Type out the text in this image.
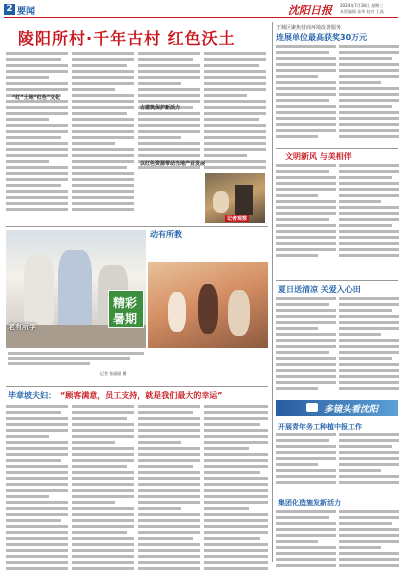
2 要闻	沈阳日报 2024年7月18日 星期三
本版编辑 张华 校对 王磊
陵阳所村·千年古村 红色沃土
“红”土地“红色”文化
古建筑保护新活力
以红色资源带动当地产业发展
记者观察
王城区聚焦营商环境改善服务
连展单位最高获奖30万元
文明新风 与美相伴
夏日送清凉 关爱入心田
多镜头看沈阳
开展青年务工种植中报工作
集团化造施发新活力
动有所教
老有所学
精彩
暑期
记者 张丽丽 摄
毕章坡夫妇： “顾客满意，员工支持，就是我们最大的幸运”
